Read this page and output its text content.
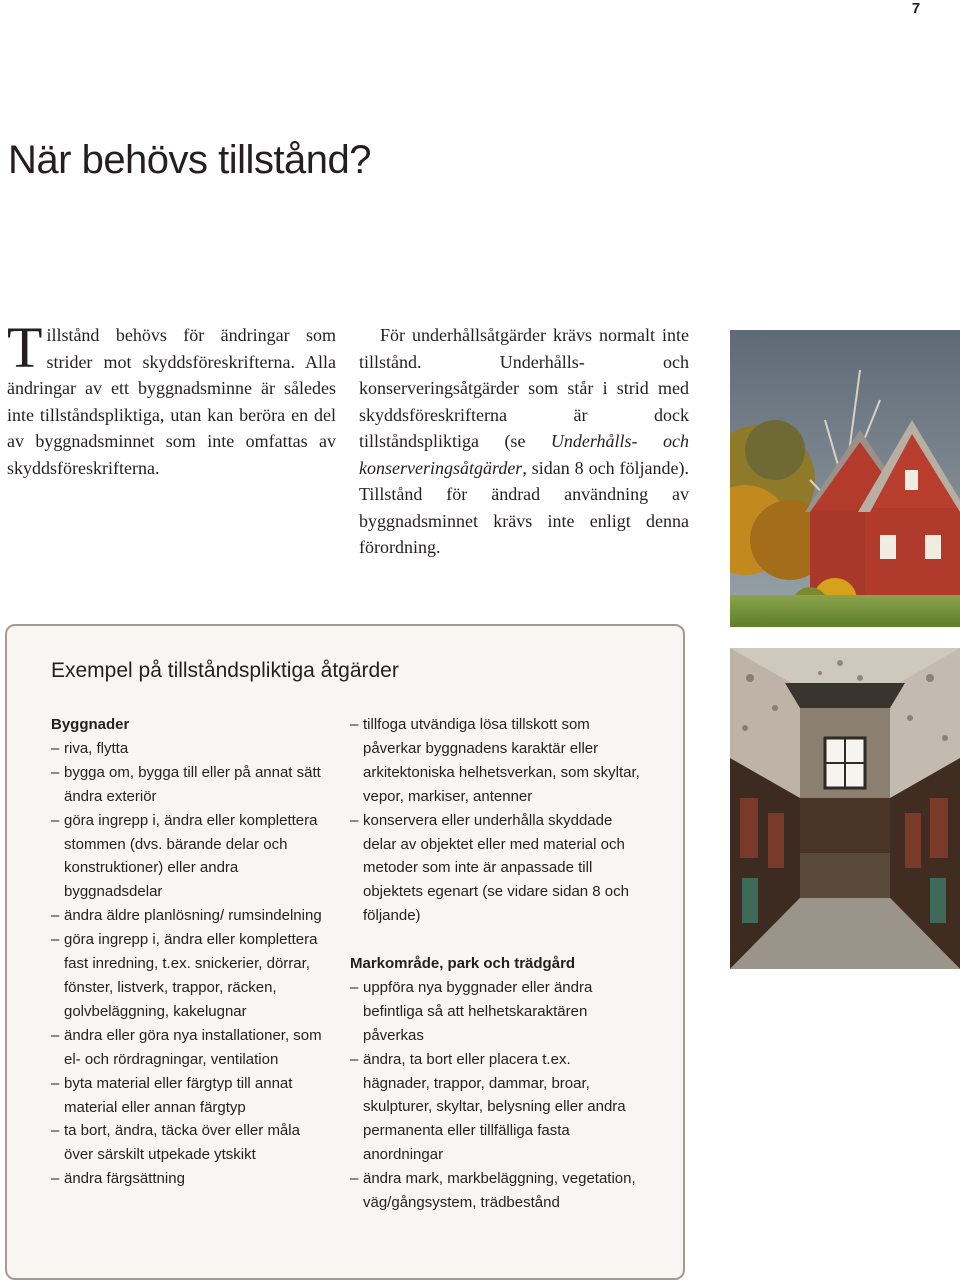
7
När behövs tillstånd?

Tillstånd behövs för ändringar som strider mot skyddsföreskrifterna. Alla ändringar av ett byggnadsminne är således inte tillståndspliktiga, utan kan beröra en del av byggnadsminnet som inte omfattas av skyddsföreskrifterna.

För underhållsåtgärder krävs normalt inte tillstånd. Underhålls- och konserveringsåtgärder som står i strid med skyddsföreskrifterna är dock tillståndspliktiga (se Underhålls- och konserveringsåtgärder, sidan 8 och följande). Tillstånd för ändrad användning av byggnadsminnet krävs inte enligt denna förordning.

Exempel på tillståndspliktiga åtgärder

Byggnader

– riva, flytta
– bygga om, bygga till eller på annat sätt ändra exteriör
– göra ingrepp i, ändra eller komplettera stommen (dvs. bärande delar och konstruktioner) eller andra byggnadsdelar
– ändra äldre planlösning/ rumsindelning
– göra ingrepp i, ändra eller komplettera fast inredning, t.ex. snickerier, dörrar, fönster, listverk, trappor, räcken, golvbeläggning, kakelugnar
– ändra eller göra nya installationer, som el- och rördragningar, ventilation
– byta material eller färgtyp till annat material eller annan färgtyp
– ta bort, ändra, täcka över eller måla över särskilt utpekade ytskikt
– ändra färgsättning
– tillfoga utvändiga lösa tillskott som påverkar byggnadens karaktär eller arkitektoniska helhetsverkan, som skyltar, vepor, markiser, antenner
– konservera eller underhålla skyddade delar av objektet eller med material och metoder som inte är anpassade till objektets egenart (se vidare sidan 8 och följande)

Markområde, park och trädgård

– uppföra nya byggnader eller ändra befintliga så att helhetskaraktären påverkas
– ändra, ta bort eller placera t.ex. hägnader, trappor, dammar, broar, skulpturer, skyltar, belysning eller andra permanenta eller tillfälliga fasta anordningar
– ändra mark, markbeläggning, vegetation, väg/gångsystem, trädbestånd
